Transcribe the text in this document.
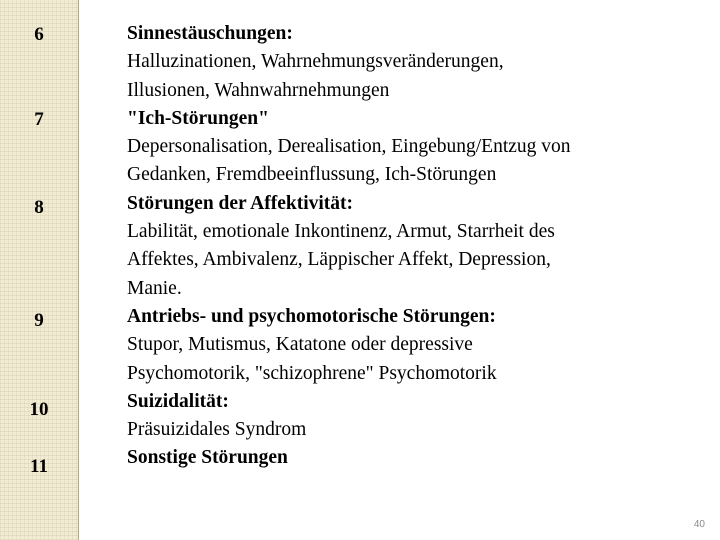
6
7
8
9
10
11
Sinnestäuschungen:
Halluzinationen, Wahrnehmungsveränderungen,
Illusionen, Wahnwahrnehmungen
"Ich-Störungen"
Depersonalisation, Derealisation, Eingebung/Entzug von
Gedanken, Fremdbeeinflussung, Ich-Störungen
Störungen der Affektivität:
Labilität, emotionale Inkontinenz, Armut, Starrheit des
Affektes, Ambivalenz, Läppischer Affekt, Depression,
Manie.
Antriebs- und psychomotorische Störungen:
Stupor, Mutismus, Katatone oder depressive
Psychomotorik, "schizophrene" Psychomotorik
Suizidalität:
Präsuizidales Syndrom
Sonstige Störungen
40
